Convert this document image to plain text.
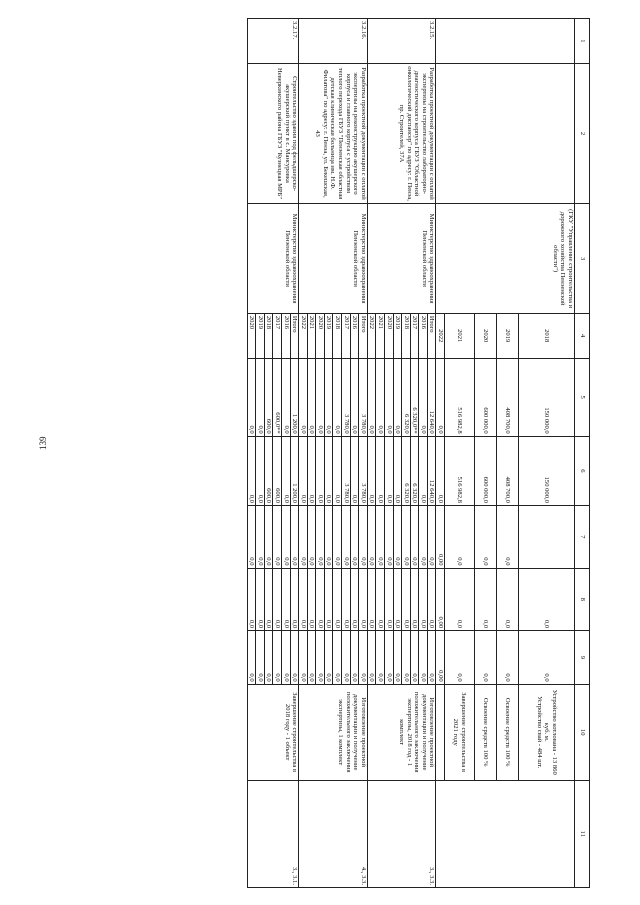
139
1	2	3	4	5	6	7	8	9	10	11
		(ГКУ "Управление строительства и дорожного хозяйства Пензенской области")	2018	150 000,0	150 000,0		0,0	0,0	Устройство котлована - 13 860 куб. м.
Устройство свай - 484 шт.	
			2019	408 700,0	408 700,0	0,0	0,0	0,0	Освоение средств 100 %	
			2020	600 000,0	600 000,0	0,0	0,0	0,0	Освоение средств 100 %	
			2021	516 982,8	516 982,8	0,0	0,0	0,0	Завершение строительства в 2021 году	
			2022	0,0	0,0	0,00	0,00	0,00		
3.2.15.	Разработка проектной документации с оплатой экспертизы на строительство лабораторно-диагностического корпуса ГБУЗ "Областной онкологический диспансер" по адресу: г. Пенза, пр. Строителей, 37А	Министерство здравоохранения Пензенской области	Итого	12 640,0	12 640,0	0,0	0,0	0,0	Изготовление проектной документации и получение положительного заключения экспертизы, 2018 год - 1 комплект	3., 3.3.
			2016	0,0	0,0	0,0	0,0	0,0		
			2017	6 320,0**	6 320,0	0,0	0,0	0,0		
			2018	6 320,0	6 320,0	0,0	0,0	0,0		
			2019	0,0	0,0	0,0	0,0	0,0		
			2020	0,0	0,0	0,0	0,0	0,0		
			2021	0,0	0,0	0,0	0,0	0,0		
			2022	0,0	0,0	0,0	0,0	0,0		
3.2.16.	Разработка проектной документации с оплатой экспертизы на реконструкцию акушерского корпуса и главного корпуса с устройством теплого перехода ГБУЗ "Пензенская областная детская клиническая больница им. Н.Ф. Филатова" по адресу: г. Пенза, ул. Бекешская, 43	Министерство здравоохранения Пензенской области	Итого	3 780,0	3 780,0	0,0	0,0	0,0	Изготовление проектной документации и получение положительного заключения экспертизы, 1 комплект	4., 3.3.
			2016	0,0	0,0	0,0	0,0	0,0		
			2017	3 780,0	3 780,0	0,0	0,0	0,0		
			2018	0,0	0,0	0,0	0,0	0,0		
			2019	0,0	0,0	0,0	0,0	0,0		
			2020	0,0	0,0	0,0	0,0	0,0		
			2021	0,0	0,0	0,0	0,0	0,0		
			2022	0,0	0,0	0,0	0,0	0,0		
3.2.17.	Строительство здания под фельдшерско-акушерский пункт в с. Мансуровка Неверкинского района ГБУЗ "Кузнецкая МРБ"	Министерство здравоохранения Пензенской области	Итого	1 200,0	1 200,0	0,0	0,0	0,0	Завершение строительства в 2018 году - 1 объект	3., 3.1.
			2016	0,0	0,0	0,0	0,0	0,0		
			2017	600,0**	600,0	0,0	0,0	0,0		
			2018	600,0	600,0	0,0	0,0	0,0		
			2019	0,0	0,0	0,0	0,0	0,0		
			2020	0,0	0,0	0,0	0,0	0,0		
